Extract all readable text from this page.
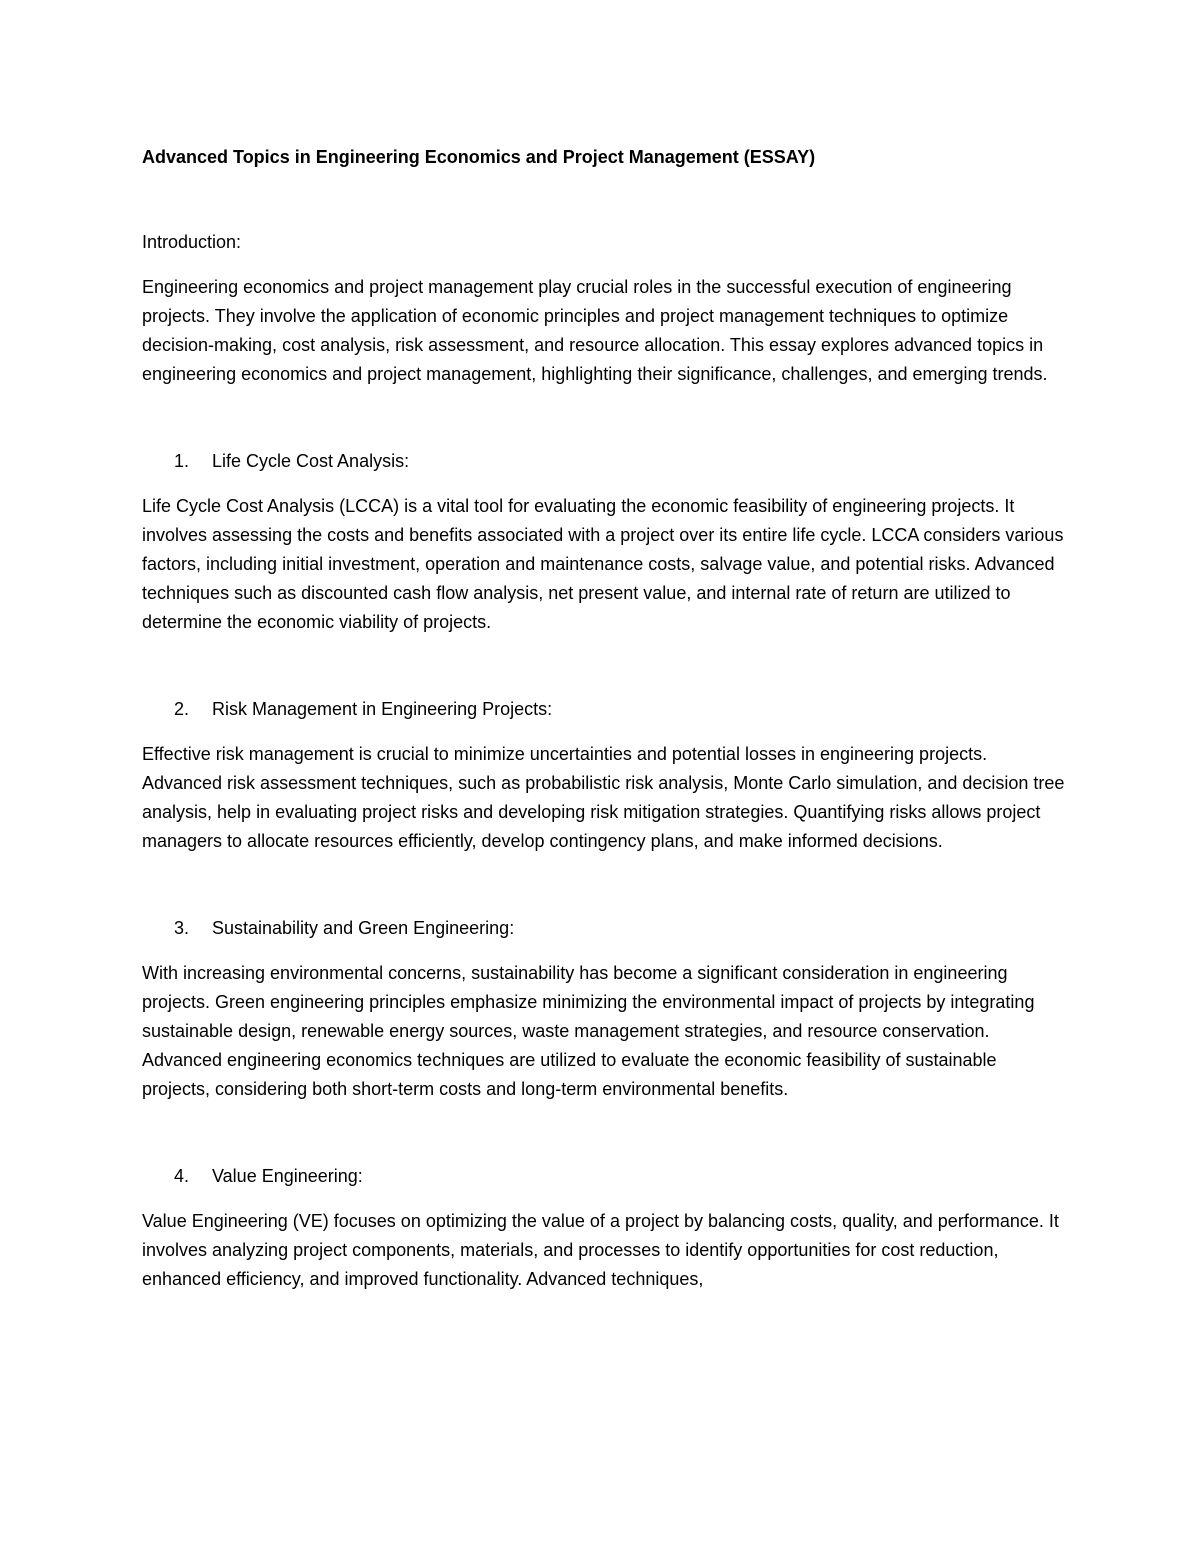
Advanced Topics in Engineering Economics and Project Management (ESSAY)

Introduction:

Engineering economics and project management play crucial roles in the successful execution of engineering projects. They involve the application of economic principles and project management techniques to optimize decision-making, cost analysis, risk assessment, and resource allocation. This essay explores advanced topics in engineering economics and project management, highlighting their significance, challenges, and emerging trends.

1. Life Cycle Cost Analysis:

Life Cycle Cost Analysis (LCCA) is a vital tool for evaluating the economic feasibility of engineering projects. It involves assessing the costs and benefits associated with a project over its entire life cycle. LCCA considers various factors, including initial investment, operation and maintenance costs, salvage value, and potential risks. Advanced techniques such as discounted cash flow analysis, net present value, and internal rate of return are utilized to determine the economic viability of projects.

2. Risk Management in Engineering Projects:

Effective risk management is crucial to minimize uncertainties and potential losses in engineering projects. Advanced risk assessment techniques, such as probabilistic risk analysis, Monte Carlo simulation, and decision tree analysis, help in evaluating project risks and developing risk mitigation strategies. Quantifying risks allows project managers to allocate resources efficiently, develop contingency plans, and make informed decisions.

3. Sustainability and Green Engineering:

With increasing environmental concerns, sustainability has become a significant consideration in engineering projects. Green engineering principles emphasize minimizing the environmental impact of projects by integrating sustainable design, renewable energy sources, waste management strategies, and resource conservation. Advanced engineering economics techniques are utilized to evaluate the economic feasibility of sustainable projects, considering both short-term costs and long-term environmental benefits.

4. Value Engineering:

Value Engineering (VE) focuses on optimizing the value of a project by balancing costs, quality, and performance. It involves analyzing project components, materials, and processes to identify opportunities for cost reduction, enhanced efficiency, and improved functionality. Advanced techniques,
